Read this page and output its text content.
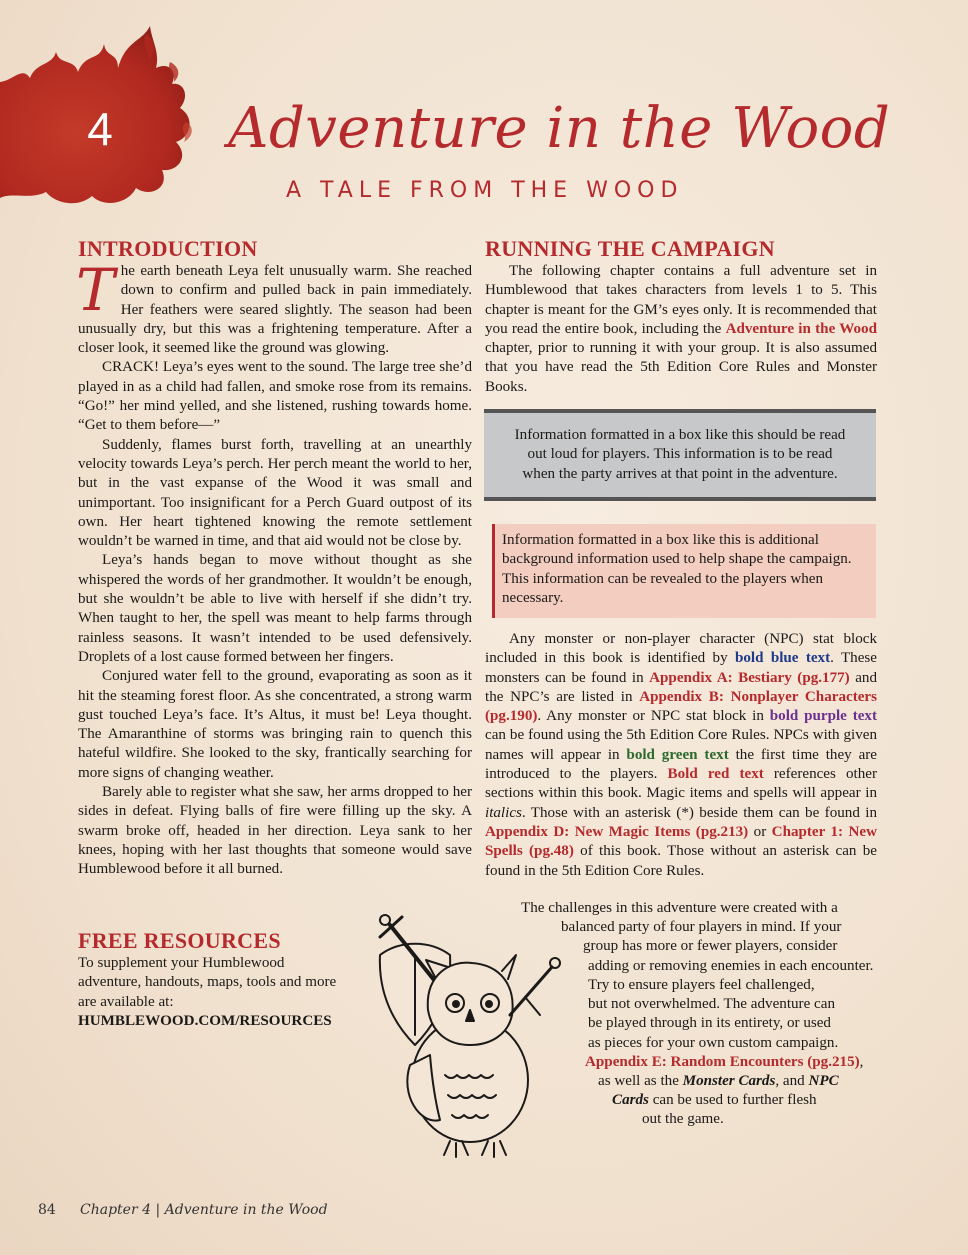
4 Adventure in the Wood
A TALE FROM THE WOOD
INTRODUCTION

The earth beneath Leya felt unusually warm. She reached down to confirm and pulled back in pain immediately. Her feathers were seared slightly. The season had been unusually dry, but this was a frightening temperature. After a closer look, it seemed like the ground was glowing.

CRACK! Leya’s eyes went to the sound. The large tree she’d played in as a child had fallen, and smoke rose from its remains. “Go!” her mind yelled, and she listened, rushing towards home. “Get to them before—”

Suddenly, flames burst forth, travelling at an unearthly velocity towards Leya’s perch. Her perch meant the world to her, but in the vast expanse of the Wood it was small and unimportant. Too insignificant for a Perch Guard outpost of its own. Her heart tightened knowing the remote settlement wouldn’t be warned in time, and that aid would not be close by.

Leya’s hands began to move without thought as she whispered the words of her grandmother. It wouldn’t be enough, but she wouldn’t be able to live with herself if she didn’t try. When taught to her, the spell was meant to help farms through rainless seasons. It wasn’t intended to be used defensively. Droplets of a lost cause formed between her fingers.

Conjured water fell to the ground, evaporating as soon as it hit the steaming forest floor. As she concentrated, a strong warm gust touched Leya’s face. It’s Altus, it must be! Leya thought. The Amaranthine of storms was bringing rain to quench this hateful wildfire. She looked to the sky, frantically searching for more signs of changing weather.

Barely able to register what she saw, her arms dropped to her sides in defeat. Flying balls of fire were filling up the sky. A swarm broke off, headed in her direction. Leya sank to her knees, hoping with her last thoughts that someone would save Humblewood before it all burned.

FREE RESOURCES

To supplement your Humblewood adventure, handouts, maps, tools and more are available at:

HUMBLEWOOD.COM/RESOURCES

RUNNING THE CAMPAIGN

The following chapter contains a full adventure set in Humblewood that takes characters from levels 1 to 5. This chapter is meant for the GM’s eyes only. It is recommended that you read the entire book, including the Adventure in the Wood chapter, prior to running it with your group. It is also assumed that you have read the 5th Edition Core Rules and Monster Books.

Information formatted in a box like this should be read out loud for players. This information is to be read when the party arrives at that point in the adventure.
Information formatted in a box like this is additional background information used to help shape the campaign. This information can be revealed to the players when necessary.

Any monster or non-player character (NPC) stat block included in this book is identified by bold blue text. These monsters can be found in Appendix A: Bestiary (pg.177) and the NPC’s are listed in Appendix B: Nonplayer Characters (pg.190). Any monster or NPC stat block in bold purple text can be found using the 5th Edition Core Rules. NPCs with given names will appear in bold green text the first time they are introduced to the players. Bold red text references other sections within this book. Magic items and spells will appear in italics. Those with an asterisk (*) beside them can be found in Appendix D: New Magic Items (pg.213) or Chapter 1: New Spells (pg.48) of this book. Those without an asterisk can be found in the 5th Edition Core Rules.

The challenges in this adventure were created with a
balanced party of four players in mind. If your
group has more or fewer players, consider
adding or removing enemies in each encounter.
Try to ensure players feel challenged,
but not overwhelmed. The adventure can
be played through in its entirety, or used
as pieces for your own custom campaign.
Appendix E: Random Encounters (pg.215),
as well as the Monster Cards, and NPC
Cards can be used to further flesh
out the game.
84 Chapter 4 | Adventure in the Wood
